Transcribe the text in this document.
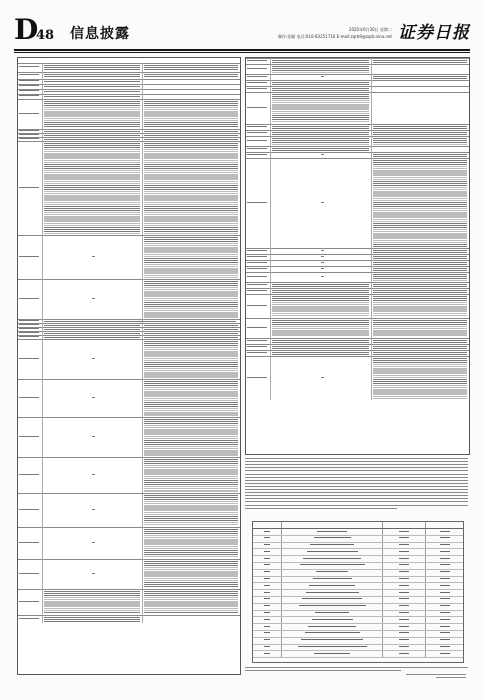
D
48 信息披露	2020年6月30日 星期二
制作:张颖 电话:010-83251716 E-mail:zqrb9@zqrb.sina.net 证券日报
